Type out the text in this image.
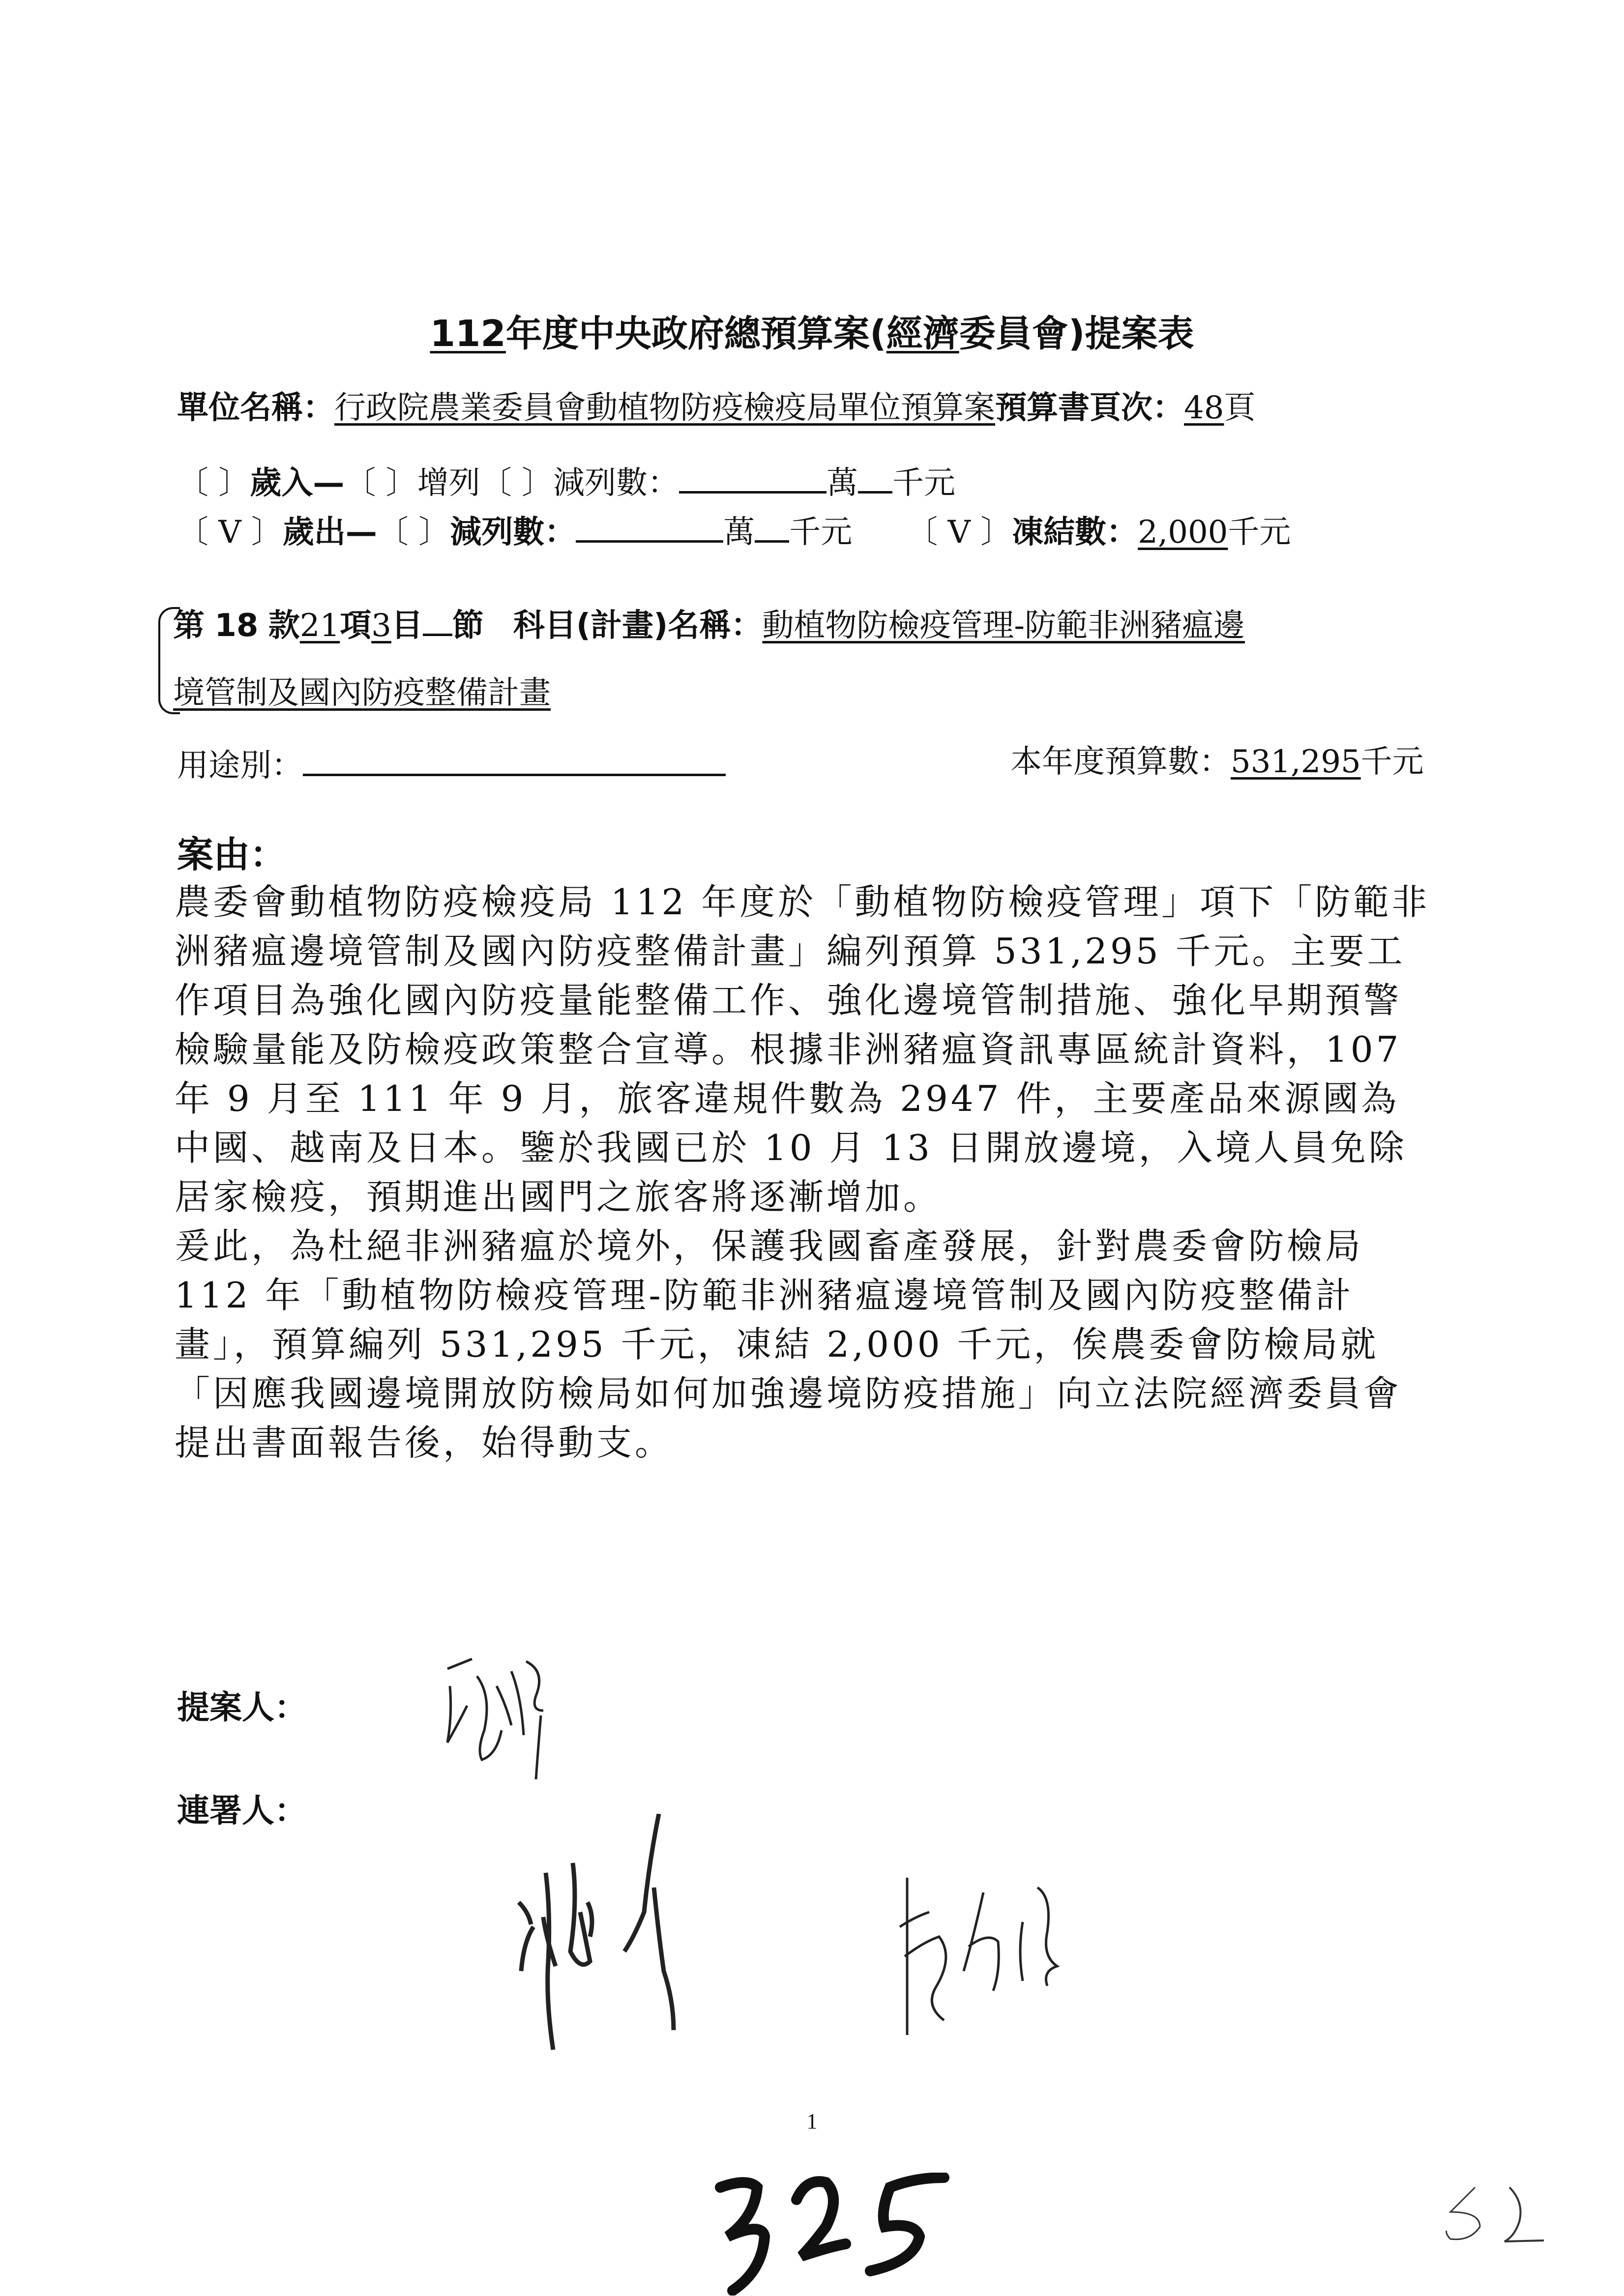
112年度中央政府總預算案(經濟委員會)提案表
單位名稱：行政院農業委員會動植物防疫檢疫局單位預算案預算書頁次：48頁
〔 〕歲入—〔 〕增列〔 〕減列數：	萬 千元
〔 V 〕歲出—〔 〕減列數：	萬 千元 〔 V 〕凍結數：2,000千元
第 18 款21項3目 節 科目(計畫)名稱：動植物防檢疫管理-防範非洲豬瘟邊
境管制及國內防疫整備計畫
用途別：	本年度預算數：531,295千元
案由：
農委會動植物防疫檢疫局 112 年度於「動植物防檢疫管理」項下「防範非洲豬瘟邊境管制及國內防疫整備計畫」編列預算 531,295 千元。主要工作項目為強化國內防疫量能整備工作、強化邊境管制措施、強化早期預警檢驗量能及防檢疫政策整合宣導。根據非洲豬瘟資訊專區統計資料，107 年 9 月至 111 年 9 月，旅客違規件數為 2947 件，主要產品來源國為中國、越南及日本。鑒於我國已於 10 月 13 日開放邊境，入境人員免除居家檢疫，預期進出國門之旅客將逐漸增加。
爰此，為杜絕非洲豬瘟於境外，保護我國畜產發展，針對農委會防檢局 112 年「動植物防檢疫管理-防範非洲豬瘟邊境管制及國內防疫整備計畫」，預算編列 531,295 千元，凍結 2,000 千元，俟農委會防檢局就「因應我國邊境開放防檢局如何加強邊境防疫措施」向立法院經濟委員會提出書面報告後，始得動支。
提案人：
連署人：
1
